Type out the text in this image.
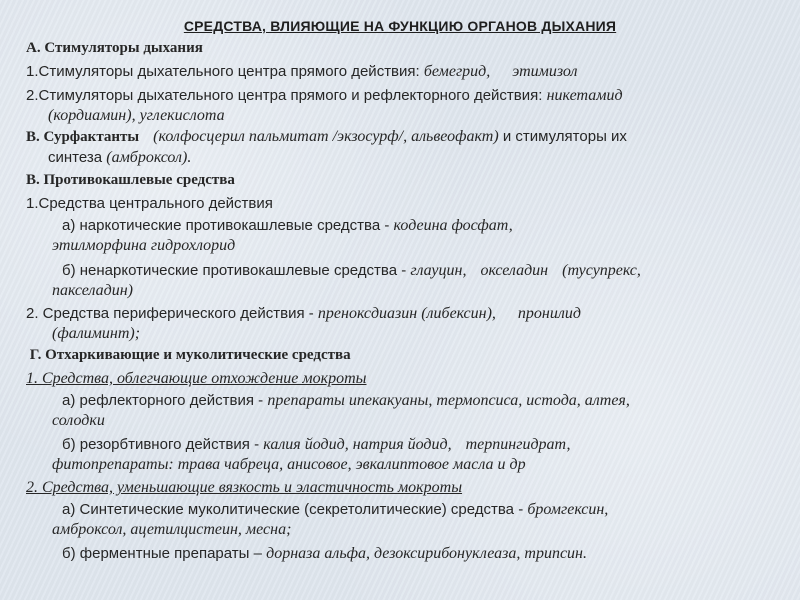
СРЕДСТВА, ВЛИЯЮЩИЕ НА ФУНКЦИЮ ОРГАНОВ ДЫХАНИЯ
А. Стимуляторы дыхания
1.Стимуляторы дыхательного центра прямого действия: бемегрид, этимизол
2.Стимуляторы дыхательного центра прямого и рефлекторного действия: никетамид
(кордиамин), углекислота
В. Сурфактанты (колфосцерил пальмитат /экзосурф/, альвеофакт) и стимуляторы их
синтеза (амброксол).
В. Противокашлевые средства
1.Средства центрального действия
а) наркотические противокашлевые средства - кодеина фосфат,
этилморфина гидрохлорид
б) ненаркотические противокашлевые средства - глауцин, окселадин (тусупрекс,
пакселадин)
2. Средства периферического действия - преноксдиазин (либексин), пронилид
(фалиминт);
Г. Отхаркивающие и муколитические средства
1. Средства, облегчающие отхождение мокроты
а) рефлекторного действия - препараты ипекакуаны, термопсиса, истода, алтея,
солодки
б) резорбтивного действия - калия йодид, натрия йодид, терпингидрат,
фитопрепараты: трава чабреца, анисовое, эвкалиптовое масла и др
2. Средства, уменьшающие вязкость и эластичность мокроты
а) Синтетические муколитические (секретолитические) средства - бромгексин,
амброксол, ацетилцистеин, месна;
б) ферментные препараты – дорназа альфа, дезоксирибонуклеаза, трипсин.
